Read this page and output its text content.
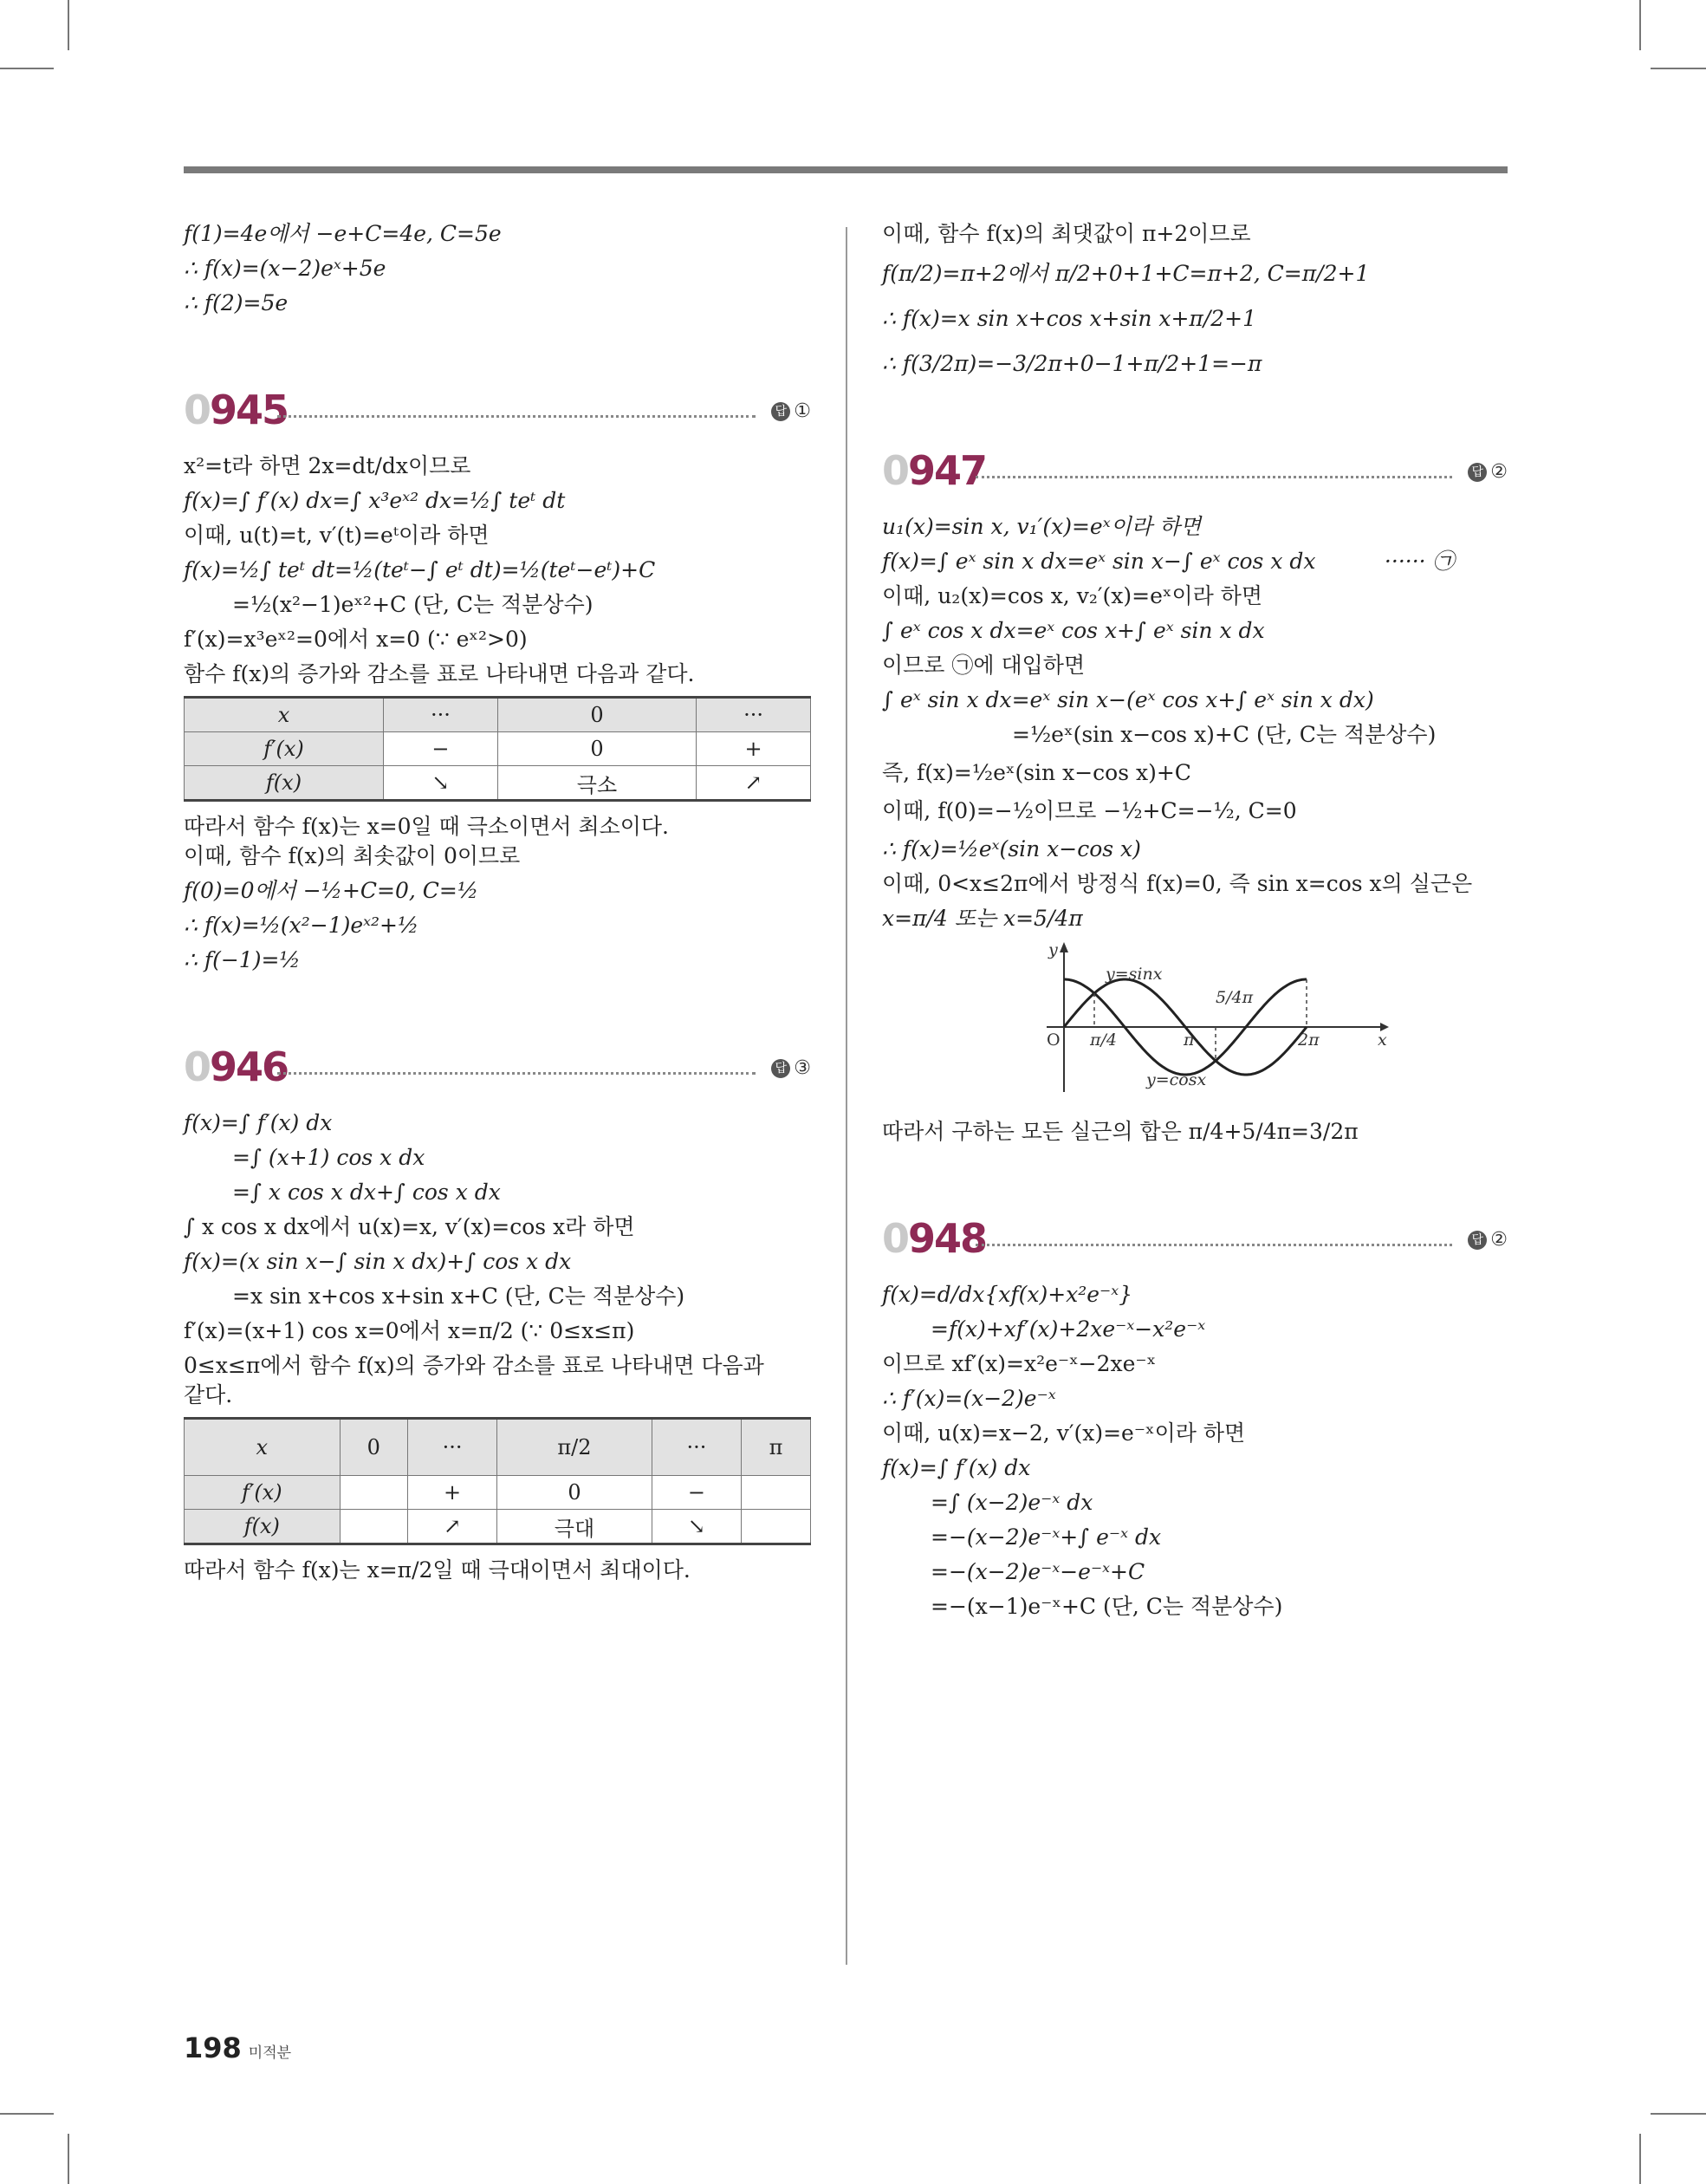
f(1)=4e에서 −e+C=4e, C=5e
∴ f(x)=(x−2)eˣ+5e
∴ f(2)=5e
0945	답 ①
x²=t라 하면 2x=dt/dx이므로
f(x)=∫ f′(x) dx=∫ x³eˣ² dx=½∫ teᵗ dt
이때, u(t)=t, v′(t)=eᵗ이라 하면
f(x)=½∫ teᵗ dt=½(teᵗ−∫ eᵗ dt)=½(teᵗ−eᵗ)+C
=½(x²−1)eˣ²+C (단, C는 적분상수)
f′(x)=x³eˣ²=0에서 x=0 (∵ eˣ²>0)
함수 f(x)의 증가와 감소를 표로 나타내면 다음과 같다.
x	···	0	···
f′(x)	−	0	+
f(x)	↘	극소	↗
따라서 함수 f(x)는 x=0일 때 극소이면서 최소이다.
이때, 함수 f(x)의 최솟값이 0이므로
f(0)=0에서 −½+C=0, C=½
∴ f(x)=½(x²−1)eˣ²+½
∴ f(−1)=½
0946	답 ③
f(x)=∫ f′(x) dx
=∫ (x+1) cos x dx
=∫ x cos x dx+∫ cos x dx
∫ x cos x dx에서 u(x)=x, v′(x)=cos x라 하면
f(x)=(x sin x−∫ sin x dx)+∫ cos x dx
=x sin x+cos x+sin x+C (단, C는 적분상수)
f′(x)=(x+1) cos x=0에서 x=π/2 (∵ 0≤x≤π)
0≤x≤π에서 함수 f(x)의 증가와 감소를 표로 나타내면 다음과
같다.
x	0	···	π/2	···	π
f′(x)		+	0	−	
f(x)		↗	극대	↘	
따라서 함수 f(x)는 x=π/2일 때 극대이면서 최대이다.
이때, 함수 f(x)의 최댓값이 π+2이므로
f(π/2)=π+2에서 π/2+0+1+C=π+2, C=π/2+1
∴ f(x)=x sin x+cos x+sin x+π/2+1
∴ f(3/2π)=−3/2π+0−1+π/2+1=−π
0947	답 ②
u₁(x)=sin x, v₁′(x)=eˣ이라 하면
f(x)=∫ eˣ sin x dx=eˣ sin x−∫ eˣ cos x dx          ······ ㉠
이때, u₂(x)=cos x, v₂′(x)=eˣ이라 하면
∫ eˣ cos x dx=eˣ cos x+∫ eˣ sin x dx
이므로 ㉠에 대입하면
∫ eˣ sin x dx=eˣ sin x−(eˣ cos x+∫ eˣ sin x dx)
=½eˣ(sin x−cos x)+C (단, C는 적분상수)
즉, f(x)=½eˣ(sin x−cos x)+C
이때, f(0)=−½이므로 −½+C=−½, C=0
∴ f(x)=½eˣ(sin x−cos x)
이때, 0<x≤2π에서 방정식 f(x)=0, 즉 sin x=cos x의 실근은
x=π/4 또는 x=5/4π
y
x
O
y=sinx
y=cosx
5/4π
π/4	π	2π
따라서 구하는 모든 실근의 합은 π/4+5/4π=3/2π
0948	답 ②
f(x)=d/dx{xf(x)+x²e⁻ˣ}
=f(x)+xf′(x)+2xe⁻ˣ−x²e⁻ˣ
이므로 xf′(x)=x²e⁻ˣ−2xe⁻ˣ
∴ f′(x)=(x−2)e⁻ˣ
이때, u(x)=x−2, v′(x)=e⁻ˣ이라 하면
f(x)=∫ f′(x) dx
=∫ (x−2)e⁻ˣ dx
=−(x−2)e⁻ˣ+∫ e⁻ˣ dx
=−(x−2)e⁻ˣ−e⁻ˣ+C
=−(x−1)e⁻ˣ+C (단, C는 적분상수)
198 미적분
